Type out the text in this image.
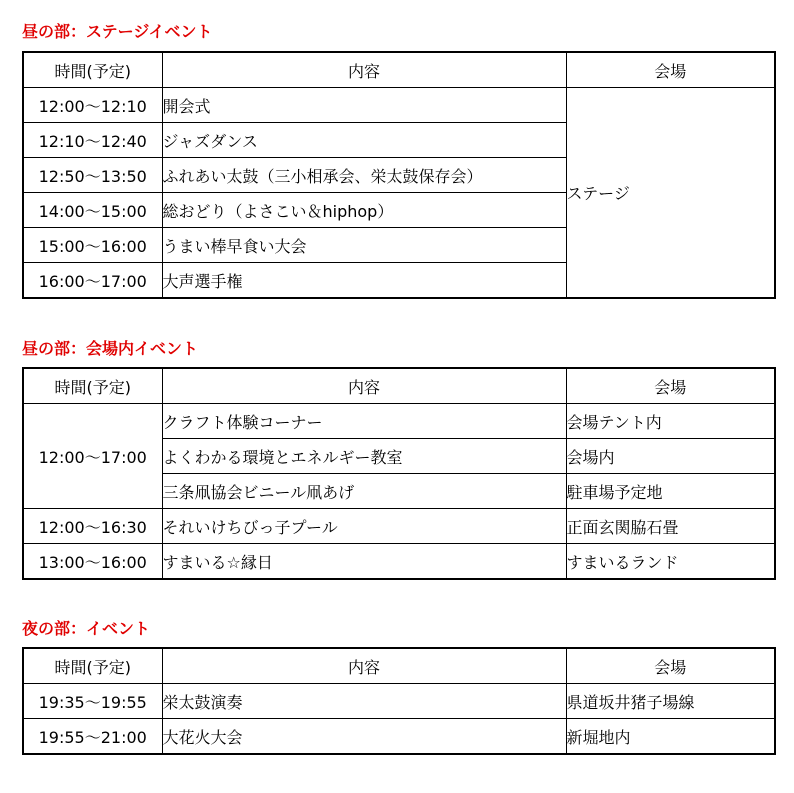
昼の部：ステージイベント
時間(予定)	内容	会場
12:00～12:10	開会式	ステージ
12:10～12:40	ジャズダンス	
12:50～13:50	ふれあい太鼓（三小相承会、栄太鼓保存会）	
14:00～15:00	総おどり（よさこい＆hiphop）	
15:00～16:00	うまい棒早食い大会	
16:00～17:00	大声選手権	
昼の部：会場内イベント
時間(予定)	内容	会場
12:00～17:00	クラフト体験コーナー	会場テント内
	よくわかる環境とエネルギー教室	会場内
	三条凧協会ビニール凧あげ	駐車場予定地
12:00～16:30	それいけちびっ子プール	正面玄関脇石畳
13:00～16:00	すまいる☆縁日	すまいるランド
夜の部：イベント
時間(予定)	内容	会場
19:35～19:55	栄太鼓演奏	県道坂井猪子場線
19:55～21:00	大花火大会	新堀地内
